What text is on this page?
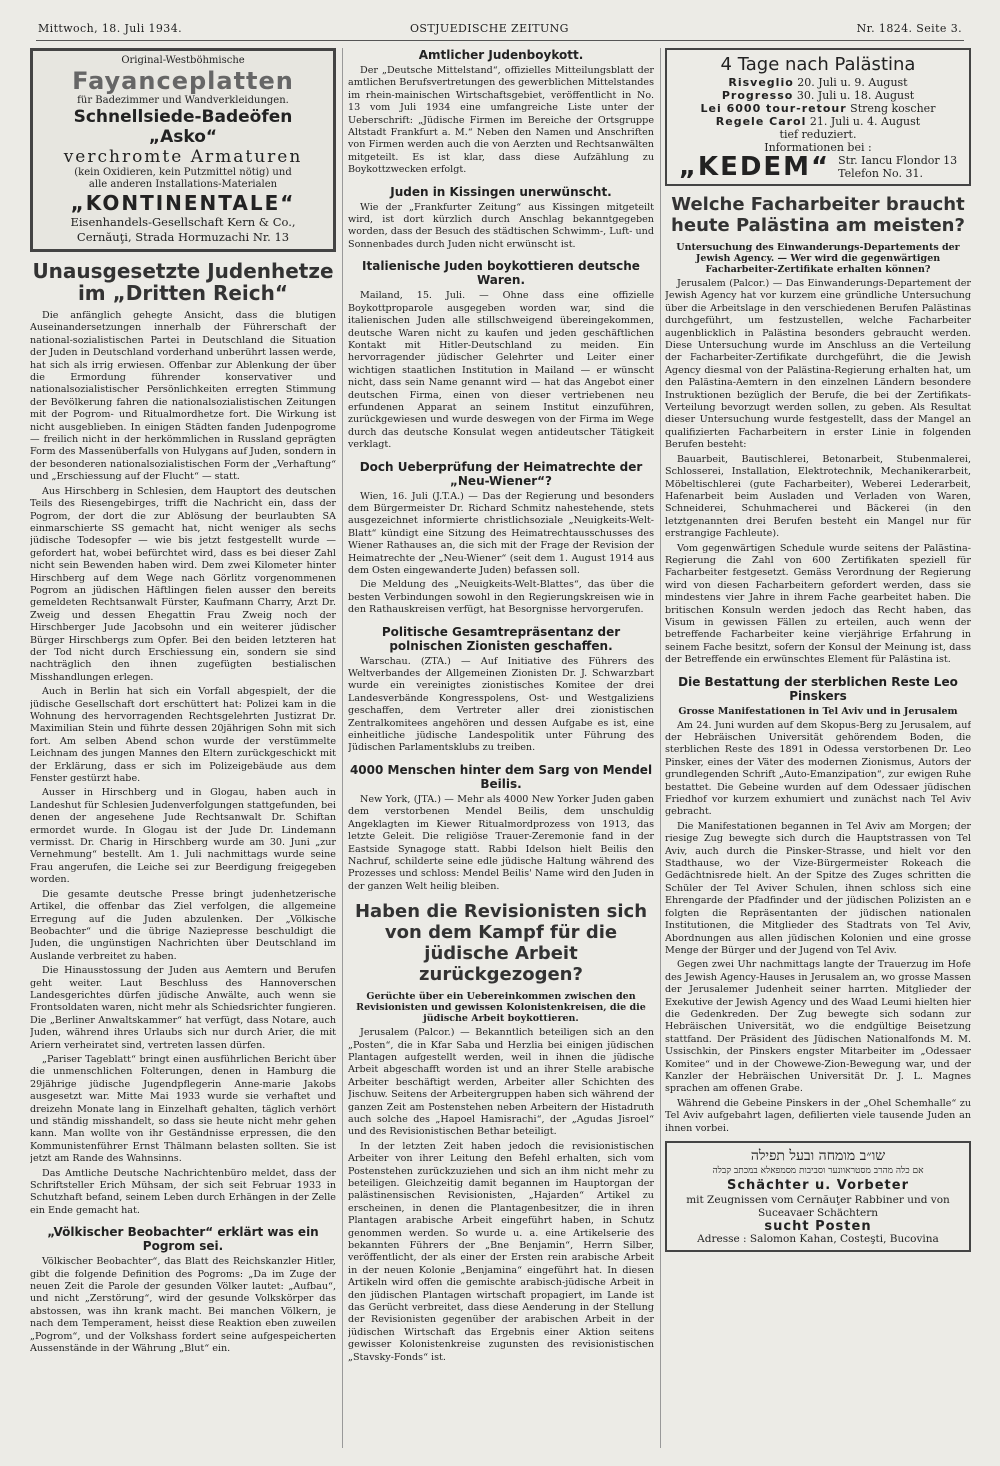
Mittwoch, 18. Juli 1934.	OSTJUEDISCHE ZEITUNG	Nr. 1824. Seite 3.
Original-Westböhmische
Fayanceplatten
für Badezimmer und Wandverkleidungen.
Schnellsiede-Badeöfen „Asko“
verchromte Armaturen
(kein Oxidieren, kein Putzmittel nötig) und
alle anderen Installations-Materialen
„KONTINENTALE“
Eisenhandels-Gesellschaft Kern & Co.,
Cernăuţi, Strada Hormuzachi Nr. 13
Unausgesetzte Judenhetze im „Dritten Reich“

Die anfänglich gehegte Ansicht, dass die blutigen Auseinandersetzungen innerhalb der Führerschaft der national-sozialistischen Partei in Deutschland die Situation der Juden in Deutschland vorderhand unberührt lassen werde, hat sich als irrig erwiesen. Offenbar zur Ablenkung der über die Ermordung führender konservativer und nationalsozialistischer Persönlichkeiten erregten Stimmung der Bevölkerung fahren die nationalsozialistischen Zeitungen mit der Pogrom- und Ritualmordhetze fort. Die Wirkung ist nicht ausgeblieben. In einigen Städten fanden Judenpogrome — freilich nicht in der herkömmlichen in Russland geprägten Form des Massenüberfalls von Hulygans auf Juden, sondern in der besonderen nationalsozialistischen Form der „Verhaftung“ und „Erschiessung auf der Flucht“ — statt.

Aus Hirschberg in Schlesien, dem Hauptort des deutschen Teils des Riesengebirges, trifft die Nachricht ein, dass der Pogrom, der dort die zur Ablösung der beurlaubten SA einmarschierte SS gemacht hat, nicht weniger als sechs jüdische Todesopfer — wie bis jetzt festgestellt wurde — gefordert hat, wobei befürchtet wird, dass es bei dieser Zahl nicht sein Bewenden haben wird. Dem zwei Kilometer hinter Hirschberg auf dem Wege nach Görlitz vorgenommenen Pogrom an jüdischen Häftlingen fielen ausser den bereits gemeldeten Rechtsanwalt Fürster, Kaufmann Charry, Arzt Dr. Zweig und dessen Ehegattin Frau Zweig noch der Hirschberger Jude Jacobsohn und ein weiterer jüdischer Bürger Hirschbergs zum Opfer. Bei den beiden letzteren hat der Tod nicht durch Erschiessung ein, sondern sie sind nachträglich den ihnen zugefügten bestialischen Misshandlungen erlegen.

Auch in Berlin hat sich ein Vorfall abgespielt, der die jüdische Gesellschaft dort erschüttert hat: Polizei kam in die Wohnung des hervorragenden Rechtsgelehrten Justizrat Dr. Maximilian Stein und führte dessen 20jährigen Sohn mit sich fort. Am selben Abend schon wurde der verstümmelte Leichnam des jungen Mannes den Eltern zurückgeschickt mit der Erklärung, dass er sich im Polizeigebäude aus dem Fenster gestürzt habe.

Ausser in Hirschberg und in Glogau, haben auch in Landeshut für Schlesien Judenverfolgungen stattgefunden, bei denen der angesehene Jude Rechtsanwalt Dr. Schiftan ermordet wurde. In Glogau ist der Jude Dr. Lindemann vermisst. Dr. Charig in Hirschberg wurde am 30. Juni „zur Vernehmung“ bestellt. Am 1. Juli nachmittags wurde seine Frau angerufen, die Leiche sei zur Beerdigung freigegeben worden.

Die gesamte deutsche Presse bringt judenhetzerische Artikel, die offenbar das Ziel verfolgen, die allgemeine Erregung auf die Juden abzulenken. Der „Völkische Beobachter“ und die übrige Naziepresse beschuldigt die Juden, die ungünstigen Nachrichten über Deutschland im Auslande verbreitet zu haben.

Die Hinausstossung der Juden aus Aemtern und Berufen geht weiter. Laut Beschluss des Hannoverschen Landesgerichtes dürfen jüdische Anwälte, auch wenn sie Frontsoldaten waren, nicht mehr als Schiedsrichter fungieren. Die „Berliner Anwaltskammer“ hat verfügt, dass Notare, auch Juden, während ihres Urlaubs sich nur durch Arier, die mit Ariern verheiratet sind, vertreten lassen dürfen.

„Pariser Tageblatt“ bringt einen ausführlichen Bericht über die unmenschlichen Folterungen, denen in Hamburg die 29jährige jüdische Jugendpflegerin Anne-marie Jakobs ausgesetzt war. Mitte Mai 1933 wurde sie verhaftet und dreizehn Monate lang in Einzelhaft gehalten, täglich verhört und ständig misshandelt, so dass sie heute nicht mehr gehen kann. Man wollte von ihr Geständnisse erpressen, die den Kommunistenführer Ernst Thälmann belasten sollten. Sie ist jetzt am Rande des Wahnsinns.

Das Amtliche Deutsche Nachrichtenbüro meldet, dass der Schriftsteller Erich Mühsam, der sich seit Februar 1933 in Schutzhaft befand, seinem Leben durch Erhängen in der Zelle ein Ende gemacht hat.

„Völkischer Beobachter“ erklärt was ein Pogrom sei.

Völkischer Beobachter“, das Blatt des Reichskanzler Hitler, gibt die folgende Definition des Pogroms: „Da im Zuge der neuen Zeit die Parole der gesunden Völker lautet: „Aufbau“, und nicht „Zerstörung“, wird der gesunde Volkskörper das abstossen, was ihn krank macht. Bei manchen Völkern, je nach dem Temperament, heisst diese Reaktion eben zuweilen „Pogrom“, und der Volkshass fordert seine aufgespeicherten Aussenstände in der Währung „Blut“ ein.

Amtlicher Judenboykott.

Der „Deutsche Mittelstand“, offizielles Mitteilungsblatt der amtlichen Berufsvertretungen des gewerblichen Mittelstandes im rhein-mainischen Wirtschaftsgebiet, veröffentlicht in No. 13 vom Juli 1934 eine umfangreiche Liste unter der Ueberschrift: „Jüdische Firmen im Bereiche der Ortsgruppe Altstadt Frankfurt a. M.“ Neben den Namen und Anschriften von Firmen werden auch die von Aerzten und Rechtsanwälten mitgeteilt. Es ist klar, dass diese Aufzählung zu Boykottzwecken erfolgt.

Juden in Kissingen unerwünscht.

Wie der „Frankfurter Zeitung“ aus Kissingen mitgeteilt wird, ist dort kürzlich durch Anschlag bekanntgegeben worden, dass der Besuch des städtischen Schwimm-, Luft- und Sonnenbades durch Juden nicht erwünscht ist.

Italienische Juden boykottieren deutsche Waren.

Mailand, 15. Juli. — Ohne dass eine offizielle Boykottproparole ausgegeben worden war, sind die italienischen Juden alle stillschweigend übereingekommen, deutsche Waren nicht zu kaufen und jeden geschäftlichen Kontakt mit Hitler-Deutschland zu meiden. Ein hervorragender jüdischer Gelehrter und Leiter einer wichtigen staatlichen Institution in Mailand — er wünscht nicht, dass sein Name genannt wird — hat das Angebot einer deutschen Firma, einen von dieser vertriebenen neu erfundenen Apparat an seinem Institut einzuführen, zurückgewiesen und wurde deswegen von der Firma im Wege durch das deutsche Konsulat wegen antideutscher Tätigkeit verklagt.

Doch Ueberprüfung der Heimatrechte der „Neu-Wiener“?

Wien, 16. Juli (J.T.A.) — Das der Regierung und besonders dem Bürgermeister Dr. Richard Schmitz nahestehende, stets ausgezeichnet informierte christlichsoziale „Neuigkeits-Welt-Blatt“ kündigt eine Sitzung des Heimatrechtausschusses des Wiener Rathauses an, die sich mit der Frage der Revision der Heimatrechte der „Neu-Wiener“ (seit dem 1. August 1914 aus dem Osten eingewanderte Juden) befassen soll.

Die Meldung des „Neuigkeits-Welt-Blattes“, das über die besten Verbindungen sowohl in den Regierungskreisen wie in den Rathauskreisen verfügt, hat Besorgnisse hervorgerufen.

Politische Gesamtrepräsentanz der polnischen Zionisten geschaffen.

Warschau. (ZTA.) — Auf Initiative des Führers des Weltverbandes der Allgemeinen Zionisten Dr. J. Schwarzbart wurde ein vereinigtes zionistisches Komitee der drei Landesverbände Kongresspolens, Ost- und Westgaliziens geschaffen, dem Vertreter aller drei zionistischen Zentralkomitees angehören und dessen Aufgabe es ist, eine einheitliche jüdische Landespolitik unter Führung des Jüdischen Parlamentsklubs zu treiben.

4000 Menschen hinter dem Sarg von Mendel Beilis.

New York, (JTA.) — Mehr als 4000 New Yorker Juden gaben dem verstorbenen Mendel Beilis, dem unschuldig Angeklagten im Kiewer Ritualmordprozess von 1913, das letzte Geleit. Die religiöse Trauer-Zeremonie fand in der Eastside Synagoge statt. Rabbi Idelson hielt Beilis den Nachruf, schilderte seine edle jüdische Haltung während des Prozesses und schloss: Mendel Beilis' Name wird den Juden in der ganzen Welt heilig bleiben.

Haben die Revisionisten sich von dem Kampf für die jüdische Arbeit zurückgezogen?
Gerüchte über ein Uebereinkommen zwischen den Revisionisten und gewissen Kolonistenkreisen, die die jüdische Arbeit boykottieren.

Jerusalem (Palcor.) — Bekanntlich beteiligen sich an den „Posten“, die in Kfar Saba und Herzlia bei einigen jüdischen Plantagen aufgestellt werden, weil in ihnen die jüdische Arbeit abgeschafft worden ist und an ihrer Stelle arabische Arbeiter beschäftigt werden, Arbeiter aller Schichten des Jischuw. Seitens der Arbeitergruppen haben sich während der ganzen Zeit am Postenstehen neben Arbeitern der Histadruth auch solche des „Hapoel Hamisrachi“, der „Agudas Jisroel“ und des Revisionistischen Bethar beteiligt.

In der letzten Zeit haben jedoch die revisionistischen Arbeiter von ihrer Leitung den Befehl erhalten, sich vom Postenstehen zurückzuziehen und sich an ihm nicht mehr zu beteiligen. Gleichzeitig damit begannen im Hauptorgan der palästinensischen Revisionisten, „Hajarden“ Artikel zu erscheinen, in denen die Plantagenbesitzer, die in ihren Plantagen arabische Arbeit eingeführt haben, in Schutz genommen werden. So wurde u. a. eine Artikelserie des bekannten Führers der „Bne Benjamin“, Herrn Silber, veröffentlicht, der als einer der Ersten rein arabische Arbeit in der neuen Kolonie „Benjamina“ eingeführt hat. In diesen Artikeln wird offen die gemischte arabisch-jüdische Arbeit in den jüdischen Plantagen wirtschaft propagiert, im Lande ist das Gerücht verbreitet, dass diese Aenderung in der Stellung der Revisionisten gegenüber der arabischen Arbeit in der jüdischen Wirtschaft das Ergebnis einer Aktion seitens gewisser Kolonistenkreise zugunsten des revisionistischen „Stavsky-Fonds“ ist.

4 Tage nach Palästina
Risveglio 20. Juli u. 9. August
Progresso 30. Juli u. 18. August
Lei 6000 tour-retour Streng koscher
Regele Carol 21. Juli u. 4. August
tief reduziert.
Informationen bei :
„KEDEM“ Str. Iancu Flondor 13
Telefon No. 31.
Welche Facharbeiter braucht heute Palästina am meisten?
Untersuchung des Einwanderungs-Departements der Jewish Agency. — Wer wird die gegenwärtigen Facharbeiter-Zertifikate erhalten können?

Jerusalem (Palcor.) — Das Einwanderungs-Departement der Jewish Agency hat vor kurzem eine gründliche Untersuchung über die Arbeitslage in den verschiedenen Berufen Palästinas durchgeführt, um festzustellen, welche Facharbeiter augenblicklich in Palästina besonders gebraucht werden. Diese Untersuchung wurde im Anschluss an die Verteilung der Facharbeiter-Zertifikate durchgeführt, die die Jewish Agency diesmal von der Palästina-Regierung erhalten hat, um den Palästina-Aemtern in den einzelnen Ländern besondere Instruktionen bezüglich der Berufe, die bei der Zertifikats-Verteilung bevorzugt werden sollen, zu geben. Als Resultat dieser Untersuchung wurde festgestellt, dass der Mangel an qualifizierten Facharbeitern in erster Linie in folgenden Berufen besteht:

Bauarbeit, Bautischlerei, Betonarbeit, Stubenmalerei, Schlosserei, Installation, Elektrotechnik, Mechanikerarbeit, Möbeltischlerei (gute Facharbeiter), Weberei Lederarbeit, Hafenarbeit beim Ausladen und Verladen von Waren, Schneiderei, Schuhmacherei und Bäckerei (in den letztgenannten drei Berufen besteht ein Mangel nur für erstrangige Fachleute).

Vom gegenwärtigen Schedule wurde seitens der Palästina-Regierung die Zahl von 600 Zertifikaten speziell für Facharbeiter festgesetzt. Gemäss Verordnung der Regierung wird von diesen Facharbeitern gefordert werden, dass sie mindestens vier Jahre in ihrem Fache gearbeitet haben. Die britischen Konsuln werden jedoch das Recht haben, das Visum in gewissen Fällen zu erteilen, auch wenn der betreffende Facharbeiter keine vierjährige Erfahrung in seinem Fache besitzt, sofern der Konsul der Meinung ist, dass der Betreffende ein erwünschtes Element für Palästina ist.

Die Bestattung der sterblichen Reste Leo Pinskers
Grosse Manifestationen in Tel Aviv und in Jerusalem

Am 24. Juni wurden auf dem Skopus-Berg zu Jerusalem, auf der Hebräischen Universität gehörendem Boden, die sterblichen Reste des 1891 in Odessa verstorbenen Dr. Leo Pinsker, eines der Väter des modernen Zionismus, Autors der grundlegenden Schrift „Auto-Emanzipation“, zur ewigen Ruhe bestattet. Die Gebeine wurden auf dem Odessaer jüdischen Friedhof vor kurzem exhumiert und zunächst nach Tel Aviv gebracht.

Die Manifestationen begannen in Tel Aviv am Morgen; der riesige Zug bewegte sich durch die Hauptstrassen von Tel Aviv, auch durch die Pinsker-Strasse, und hielt vor den Stadthause, wo der Vize-Bürgermeister Rokeach die Gedächtnisrede hielt. An der Spitze des Zuges schritten die Schüler der Tel Aviver Schulen, ihnen schloss sich eine Ehrengarde der Pfadfinder und der jüdischen Polizisten an e folgten die Repräsentanten der jüdischen nationalen Institutionen, die Mitglieder des Stadtrats von Tel Aviv, Abordnungen aus allen jüdischen Kolonien und eine grosse Menge der Bürger und der Jugend von Tel Aviv.

Gegen zwei Uhr nachmittags langte der Trauerzug im Hofe des Jewish Agency-Hauses in Jerusalem an, wo grosse Massen der Jerusalemer Judenheit seiner harrten. Mitglieder der Exekutive der Jewish Agency und des Waad Leumi hielten hier die Gedenkreden. Der Zug bewegte sich sodann zur Hebräischen Universität, wo die endgültige Beisetzung stattfand. Der Präsident des Jüdischen Nationalfonds M. M. Ussischkin, der Pinskers engster Mitarbeiter im „Odessaer Komitee“ und in der Chowewe-Zion-Bewegung war, und der Kanzler der Hebräischen Universität Dr. J. L. Magnes sprachen am offenen Grabe.

Während die Gebeine Pinskers in der „Ohel Schemhalle“ zu Tel Aviv aufgebahrt lagen, defilierten viele tausende Juden an ihnen vorbei.

שו״ב מומחה ובעל תפילה
אם כלה מהרב מסטראוונער וסביבות מסמפאלא במכתב קבלה
Schächter u. Vorbeter
mit Zeugnissen vom Cernăuţer Rabbiner und von
Suceavaer Schächtern
sucht Posten
Adresse : Salomon Kahan, Costeşti, Bucovina
